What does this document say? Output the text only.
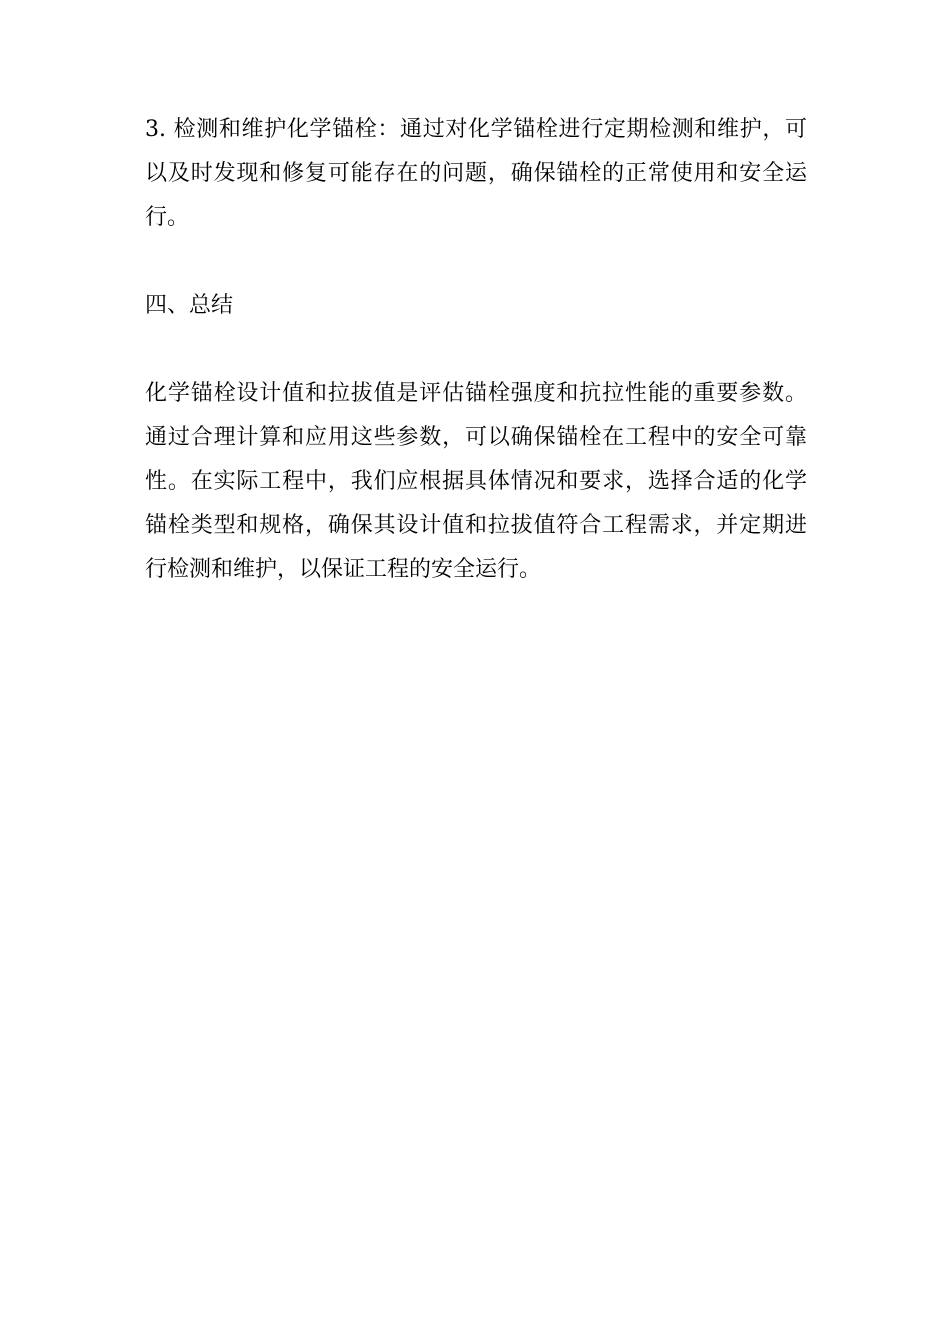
3. 检测和维护化学锚栓：通过对化学锚栓进行定期检测和维护，可
以及时发现和修复可能存在的问题，确保锚栓的正常使用和安全运
行。

四、总结

化学锚栓设计值和拉拔值是评估锚栓强度和抗拉性能的重要参数。
通过合理计算和应用这些参数，可以确保锚栓在工程中的安全可靠
性。在实际工程中，我们应根据具体情况和要求，选择合适的化学
锚栓类型和规格，确保其设计值和拉拔值符合工程需求，并定期进
行检测和维护，以保证工程的安全运行。
